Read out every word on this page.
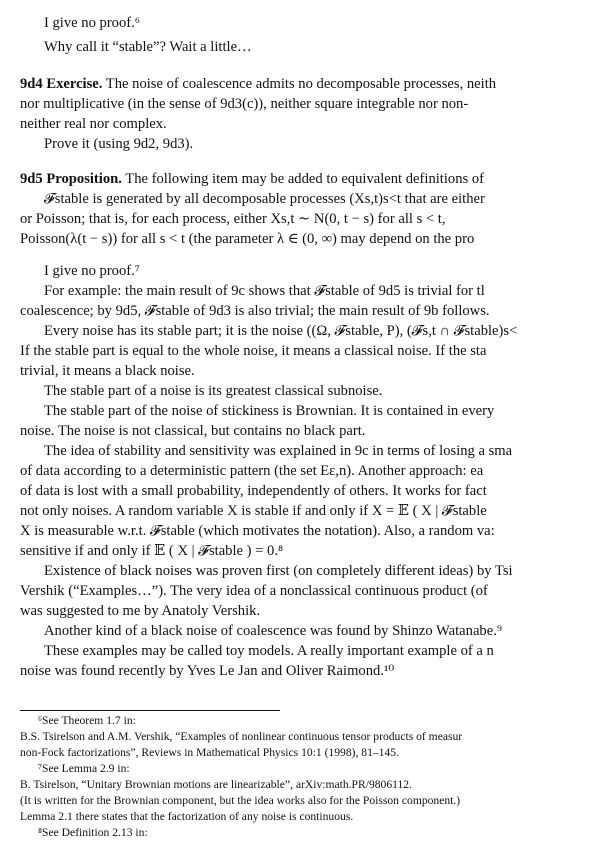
I give no proof.⁶
Why call it “stable”? Wait a little…
9d4 Exercise. The noise of coalescence admits no decomposable processes, neith
nor multiplicative (in the sense of 9d3(c)), neither square integrable nor non-
neither real nor complex.
Prove it (using 9d2, 9d3).
9d5 Proposition. The following item may be added to equivalent definitions of
𝓕stable is generated by all decomposable processes (Xs,t)s<t that are either
or Poisson; that is, for each process, either Xs,t ∼ N(0, t − s) for all s < t,
Poisson(λ(t − s)) for all s < t (the parameter λ ∈ (0, ∞) may depend on the pro
I give no proof.⁷
For example: the main result of 9c shows that 𝓕stable of 9d5 is trivial for tl
coalescence; by 9d5, 𝓕stable of 9d3 is also trivial; the main result of 9b follows.
Every noise has its stable part; it is the noise ((Ω, 𝓕stable, P), (𝓕s,t ∩ 𝓕stable)s<
If the stable part is equal to the whole noise, it means a classical noise. If the sta
trivial, it means a black noise.
The stable part of a noise is its greatest classical subnoise.
The stable part of the noise of stickiness is Brownian. It is contained in every
noise. The noise is not classical, but contains no black part.
The idea of stability and sensitivity was explained in 9c in terms of losing a sma
of data according to a deterministic pattern (the set Eε,n). Another approach: ea
of data is lost with a small probability, independently of others. It works for fact
not only noises. A random variable X is stable if and only if X = 𝔼 ( X | 𝓕stable
X is measurable w.r.t. 𝓕stable (which motivates the notation). Also, a random va:
sensitive if and only if 𝔼 ( X | 𝓕stable ) = 0.⁸
Existence of black noises was proven first (on completely different ideas) by Tsi
Vershik (“Examples…”). The very idea of a nonclassical continuous product (of
was suggested to me by Anatoly Vershik.
Another kind of a black noise of coalescence was found by Shinzo Watanabe.⁹
These examples may be called toy models. A really important example of a n
noise was found recently by Yves Le Jan and Oliver Raimond.¹⁰
⁶See Theorem 1.7 in:
B.S. Tsirelson and A.M. Vershik, “Examples of nonlinear continuous tensor products of measur
non-Fock factorizations”, Reviews in Mathematical Physics 10:1 (1998), 81–145.
⁷See Lemma 2.9 in:
B. Tsirelson, “Unitary Brownian motions are linearizable”, arXiv:math.PR/9806112.
(It is written for the Brownian component, but the idea works also for the Poisson component.)
Lemma 2.1 there states that the factorization of any noise is continuous.
⁸See Definition 2.13 in:
